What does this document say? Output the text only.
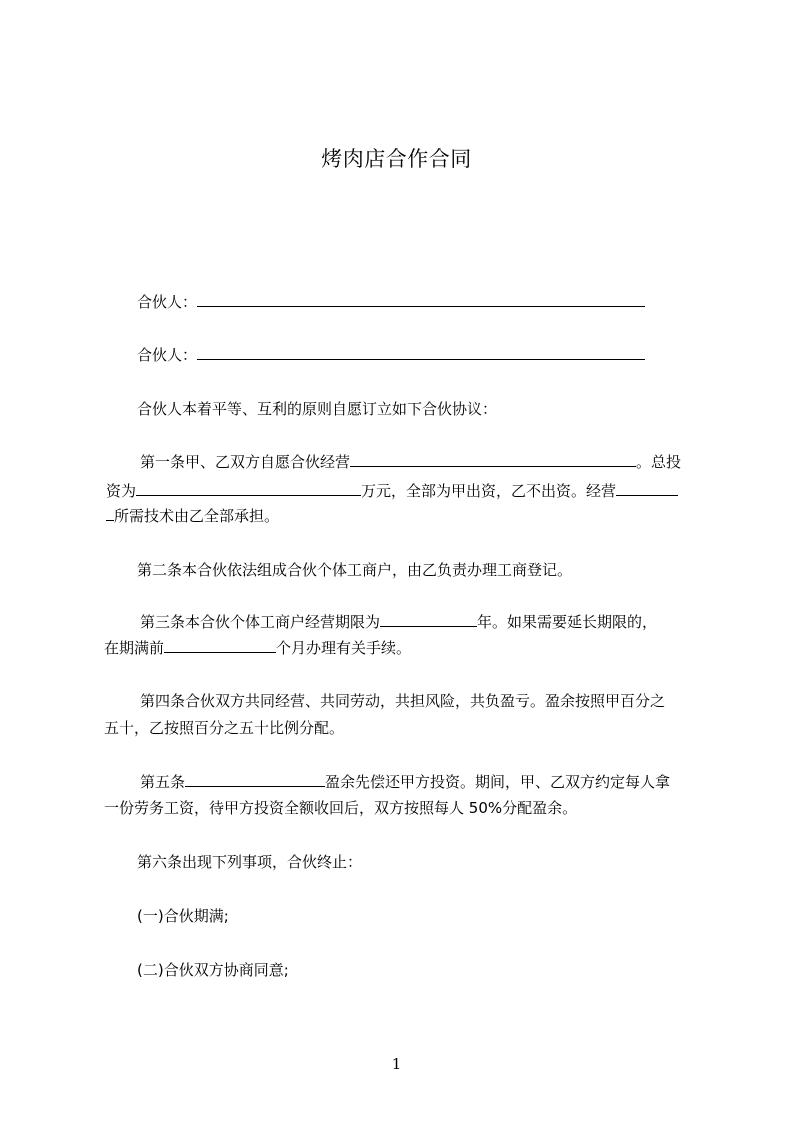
烤肉店合作合同
合伙人：
合伙人：
合伙人本着平等、互利的原则自愿订立如下合伙协议：
第一条甲、乙双方自愿合伙经营	。总投
资为	万元，全部为甲出资，乙不出资。经营
所需技术由乙全部承担。
第二条本合伙依法组成合伙个体工商户，由乙负责办理工商登记。
第三条本合伙个体工商户经营期限为	年。如果需要延长期限的，
在期满前	个月办理有关手续。
第四条合伙双方共同经营、共同劳动，共担风险，共负盈亏。盈余按照甲百分之
五十，乙按照百分之五十比例分配。
第五条	盈余先偿还甲方投资。期间，甲、乙双方约定每人拿
一份劳务工资，待甲方投资全额收回后，双方按照每人 50%分配盈余。
第六条出现下列事项，合伙终止：
(一)合伙期满;
(二)合伙双方协商同意;
1
